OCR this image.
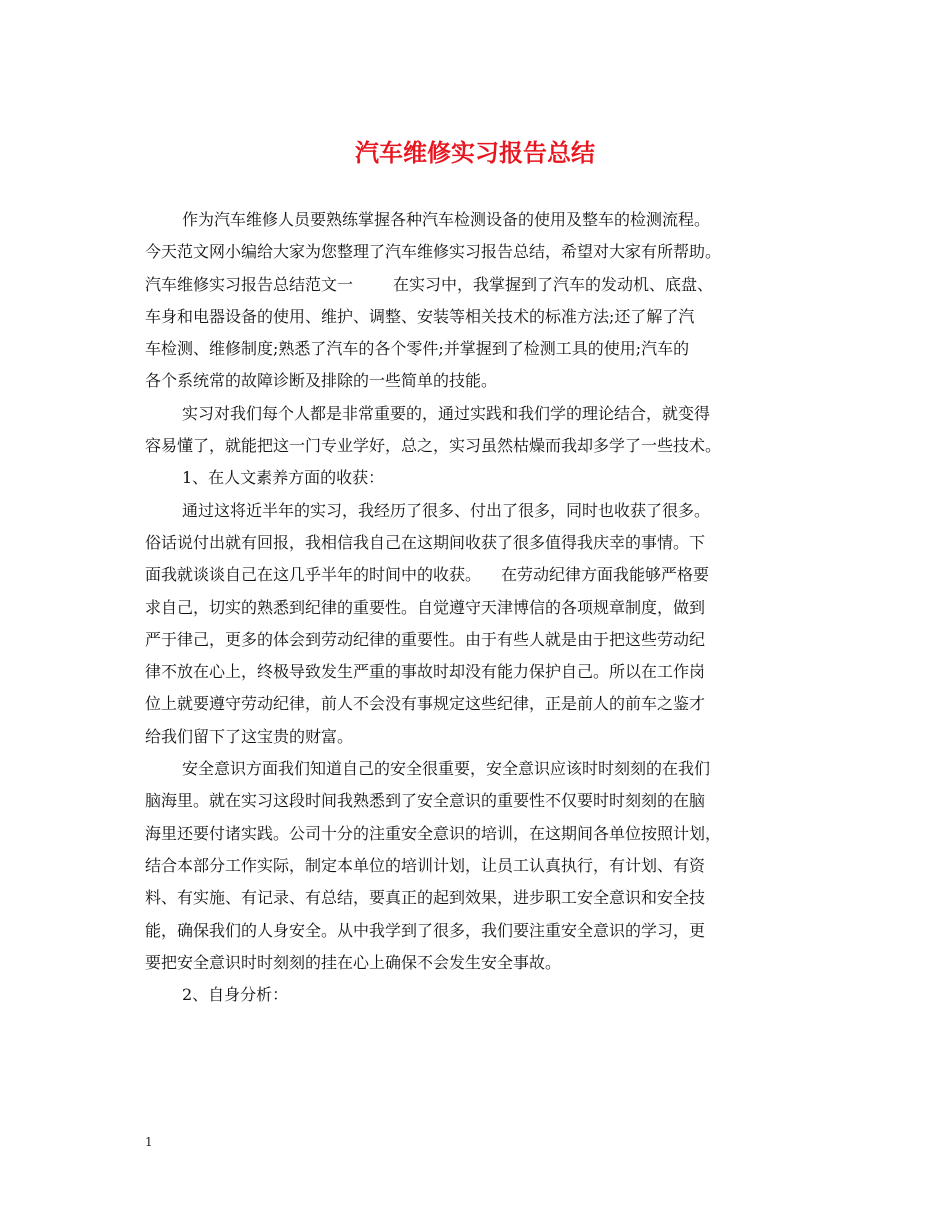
汽车维修实习报告总结
作为汽车维修人员要熟练掌握各种汽车检测设备的使用及整车的检测流程。
今天范文网小编给大家为您整理了汽车维修实习报告总结，希望对大家有所帮助。
汽车维修实习报告总结范文一	在实习中，我掌握到了汽车的发动机、底盘、
车身和电器设备的使用、维护、调整、安装等相关技术的标准方法;还了解了汽
车检测、维修制度;熟悉了汽车的各个零件;并掌握到了检测工具的使用;汽车的
各个系统常的故障诊断及排除的一些简单的技能。
实习对我们每个人都是非常重要的，通过实践和我们学的理论结合，就变得
容易懂了，就能把这一门专业学好，总之，实习虽然枯燥而我却多学了一些技术。
1、在人文素养方面的收获：
通过这将近半年的实习，我经历了很多、付出了很多，同时也收获了很多。
俗话说付出就有回报，我相信我自己在这期间收获了很多值得我庆幸的事情。下
面我就谈谈自己在这几乎半年的时间中的收获。 在劳动纪律方面我能够严格要
求自己，切实的熟悉到纪律的重要性。自觉遵守天津博信的各项规章制度，做到
严于律己，更多的体会到劳动纪律的重要性。由于有些人就是由于把这些劳动纪
律不放在心上，终极导致发生严重的事故时却没有能力保护自己。所以在工作岗
位上就要遵守劳动纪律，前人不会没有事规定这些纪律，正是前人的前车之鉴才
给我们留下了这宝贵的财富。
安全意识方面我们知道自己的安全很重要，安全意识应该时时刻刻的在我们
脑海里。就在实习这段时间我熟悉到了安全意识的重要性不仅要时时刻刻的在脑
海里还要付诸实践。公司十分的注重安全意识的培训，在这期间各单位按照计划，
结合本部分工作实际，制定本单位的培训计划，让员工认真执行，有计划、有资
料、有实施、有记录、有总结，要真正的起到效果，进步职工安全意识和安全技
能，确保我们的人身安全。从中我学到了很多，我们要注重安全意识的学习，更
要把安全意识时时刻刻的挂在心上确保不会发生安全事故。
2、自身分析：
1
